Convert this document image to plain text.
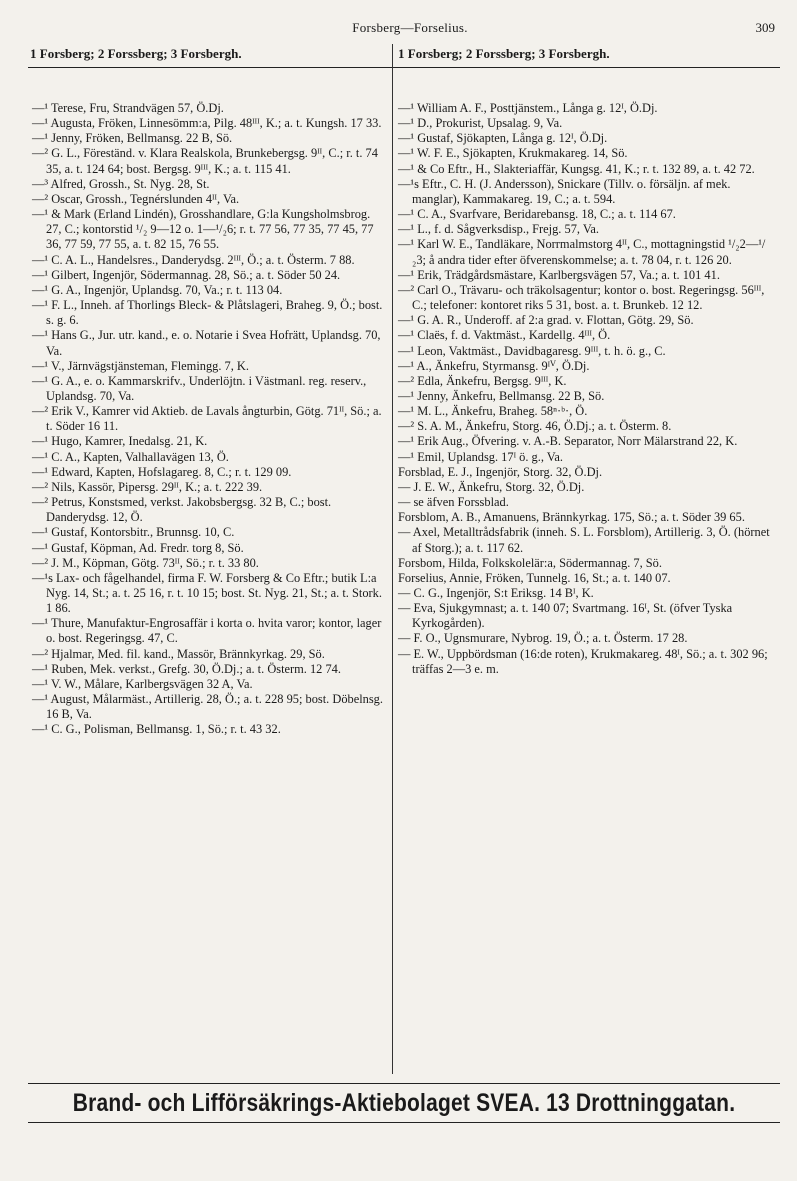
Forsberg—Forselius.	309
1 Forsberg; 2 Forssberg; 3 Forsbergh.	1 Forsberg; 2 Forssberg; 3 Forsbergh.

—¹ Terese, Fru, Strandvägen 57, Ö.Dj.

—¹ Augusta, Fröken, Linnesömm:a, Pilg. 48ᴵᴵᴵ, K.; a. t. Kungsh. 17 33.

—¹ Jenny, Fröken, Bellmansg. 22 B, Sö.

—² G. L., Föreständ. v. Klara Realskola, Brunkebergsg. 9ᴵᴵ, C.; r. t. 74 35, a. t. 124 64; bost. Bergsg. 9ᴵᴵᴵ, K.; a. t. 115 41.

—³ Alfred, Grossh., St. Nyg. 28, St.

—² Oscar, Grossh., Tegnérslunden 4ᴵᴵ, Va.

—¹ & Mark (Erland Lindén), Grosshandlare, G:la Kungsholmsbrog. 27, C.; kontorstid ¹/₂ 9—12 o. 1—¹/₂6; r. t. 77 56, 77 35, 77 45, 77 36, 77 59, 77 55, a. t. 82 15, 76 55.

—¹ C. A. L., Handelsres., Danderydsg. 2ᴵᴵᴵ, Ö.; a. t. Österm. 7 88.

—¹ Gilbert, Ingenjör, Södermannag. 28, Sö.; a. t. Söder 50 24.

—¹ G. A., Ingenjör, Uplandsg. 70, Va.; r. t. 113 04.

—¹ F. L., Inneh. af Thorlings Bleck- & Plåtslageri, Braheg. 9, Ö.; bost. s. g. 6.

—¹ Hans G., Jur. utr. kand., e. o. Notarie i Svea Hofrätt, Uplandsg. 70, Va.

—¹ V., Järnvägstjänsteman, Flemingg. 7, K.

—¹ G. A., e. o. Kammarskrifv., Underlöjtn. i Västmanl. reg. reserv., Uplandsg. 70, Va.

—² Erik V., Kamrer vid Aktieb. de Lavals ångturbin, Götg. 71ᴵᴵ, Sö.; a. t. Söder 16 11.

—¹ Hugo, Kamrer, Inedalsg. 21, K.

—¹ C. A., Kapten, Valhallavägen 13, Ö.

—¹ Edward, Kapten, Hofslagareg. 8, C.; r. t. 129 09.

—² Nils, Kassör, Pipersg. 29ᴵᴵ, K.; a. t. 222 39.

—² Petrus, Konstsmed, verkst. Jakobsbergsg. 32 B, C.; bost. Danderydsg. 12, Ö.

—¹ Gustaf, Kontorsbitr., Brunnsg. 10, C.

—¹ Gustaf, Köpman, Ad. Fredr. torg 8, Sö.

—² J. M., Köpman, Götg. 73ᴵᴵ, Sö.; r. t. 33 80.

—¹s Lax- och fågelhandel, firma F. W. Forsberg & Co Eftr.; butik L:a Nyg. 14, St.; a. t. 25 16, r. t. 10 15; bost. St. Nyg. 21, St.; a. t. Stork. 1 86.

—¹ Thure, Manufaktur-Engrosaffär i korta o. hvita varor; kontor, lager o. bost. Regeringsg. 47, C.

—² Hjalmar, Med. fil. kand., Massör, Brännkyrkag. 29, Sö.

—¹ Ruben, Mek. verkst., Grefg. 30, Ö.Dj.; a. t. Österm. 12 74.

—¹ V. W., Målare, Karlbergsvägen 32 A, Va.

—¹ August, Målarmäst., Artillerig. 28, Ö.; a. t. 228 95; bost. Döbelnsg. 16 B, Va.

—¹ C. G., Polisman, Bellmansg. 1, Sö.; r. t. 43 32.

—¹ William A. F., Posttjänstem., Långa g. 12ᴵ, Ö.Dj.

—¹ D., Prokurist, Upsalag. 9, Va.

—¹ Gustaf, Sjökapten, Långa g. 12ᴵ, Ö.Dj.

—¹ W. F. E., Sjökapten, Krukmakareg. 14, Sö.

—¹ & Co Eftr., H., Slakteriaffär, Kungsg. 41, K.; r. t. 132 89, a. t. 42 72.

—¹s Eftr., C. H. (J. Andersson), Snickare (Tillv. o. försäljn. af mek. manglar), Kammakareg. 19, C.; a. t. 594.

—¹ C. A., Svarfvare, Beridarebansg. 18, C.; a. t. 114 67.

—¹ L., f. d. Sågverksdisp., Frejg. 57, Va.

—¹ Karl W. E., Tandläkare, Norrmalmstorg 4ᴵᴵ, C., mottagningstid ¹/₂2—¹/₂3; å andra tider efter öfverenskommelse; a. t. 78 04, r. t. 126 20.

—¹ Erik, Trädgårdsmästare, Karlbergsvägen 57, Va.; a. t. 101 41.

—² Carl O., Trävaru- och träkolsagentur; kontor o. bost. Regeringsg. 56ᴵᴵᴵ, C.; telefoner: kontoret riks 5 31, bost. a. t. Brunkeb. 12 12.

—¹ G. A. R., Underoff. af 2:a grad. v. Flottan, Götg. 29, Sö.

—¹ Claës, f. d. Vaktmäst., Kardellg. 4ᴵᴵᴵ, Ö.

—¹ Leon, Vaktmäst., Davidbagaresg. 9ᴵᴵᴵ, t. h. ö. g., C.

—¹ A., Änkefru, Styrmansg. 9ᴵⱽ, Ö.Dj.

—² Edla, Änkefru, Bergsg. 9ᴵᴵᴵ, K.

—¹ Jenny, Änkefru, Bellmansg. 22 B, Sö.

—¹ M. L., Änkefru, Braheg. 58ⁿ·ᵇ·, Ö.

—² S. A. M., Änkefru, Storg. 46, Ö.Dj.; a. t. Österm. 8.

—¹ Erik Aug., Öfvering. v. A.-B. Separator, Norr Mälarstrand 22, K.

—¹ Emil, Uplandsg. 17ᴵ ö. g., Va.

Forsblad, E. J., Ingenjör, Storg. 32, Ö.Dj.

— J. E. W., Änkefru, Storg. 32, Ö.Dj.

— se äfven Forssblad.

Forsblom, A. B., Amanuens, Brännkyrkag. 175, Sö.; a. t. Söder 39 65.

— Axel, Metalltrådsfabrik (inneh. S. L. Forsblom), Artillerig. 3, Ö. (hörnet af Storg.); a. t. 117 62.

Forsbom, Hilda, Folkskolelär:a, Södermannag. 7, Sö.

Forselius, Annie, Fröken, Tunnelg. 16, St.; a. t. 140 07.

— C. G., Ingenjör, S:t Eriksg. 14 Bᴵ, K.

— Eva, Sjukgymnast; a. t. 140 07; Svartmang. 16ᴵ, St. (öfver Tyska Kyrkogården).

— F. O., Ugnsmurare, Nybrog. 19, Ö.; a. t. Österm. 17 28.

— E. W., Uppbördsman (16:de roten), Krukmakareg. 48ᴵ, Sö.; a. t. 302 96; träffas 2—3 e. m.

Brand- och Lifförsäkrings-Aktiebolaget SVEA. 13 Drottninggatan.
